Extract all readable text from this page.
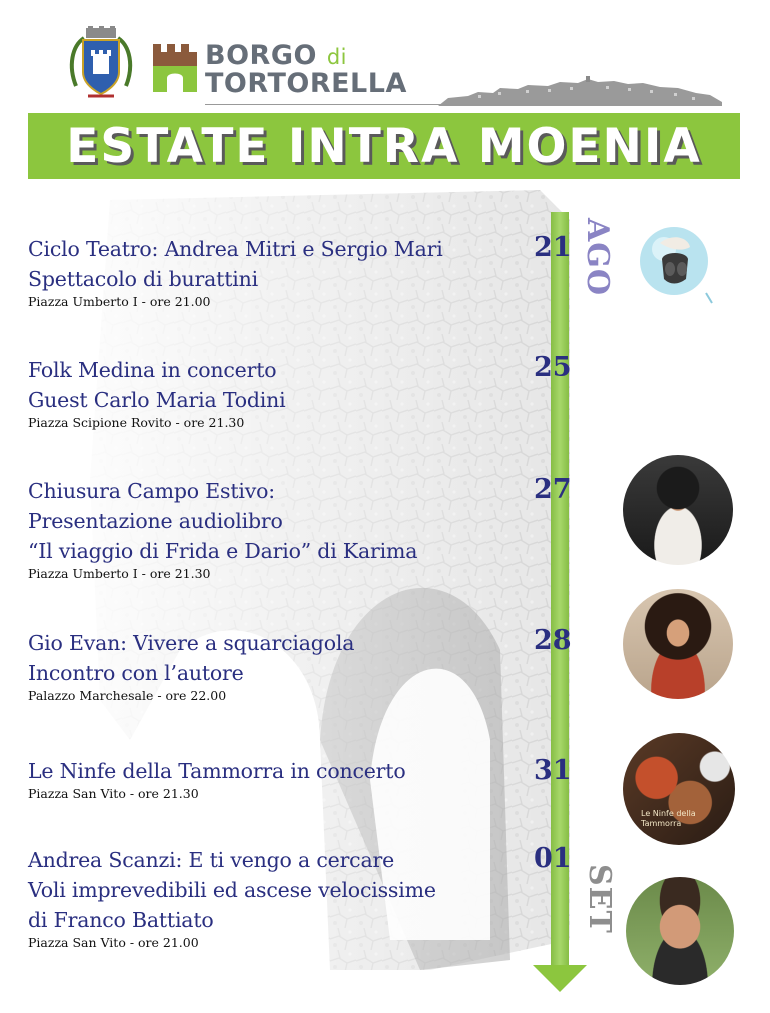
BORGO di
TORTORELLA
ESTATE INTRA MOENIA
AGO
SET
Ciclo Teatro: Andrea Mitri e Sergio Mari
Spettacolo di burattini
Piazza Umberto I - ore 21.00
21
Folk Medina in concerto
Guest Carlo Maria Todini
Piazza Scipione Rovito - ore 21.30
25
Chiusura Campo Estivo:
Presentazione audiolibro
“Il viaggio di Frida e Dario” di Karima
Piazza Umberto I - ore 21.30
27
Gio Evan: Vivere a squarciagola
Incontro con l’autore
Palazzo Marchesale - ore 22.00
28
Le Ninfe della Tammorra in concerto
Piazza San Vito - ore 21.30
31
Andrea Scanzi: E ti vengo a cercare
Voli imprevedibili ed ascese velocissime
di Franco Battiato
Piazza San Vito - ore 21.00
01
Le Ninfe della Tammorra
